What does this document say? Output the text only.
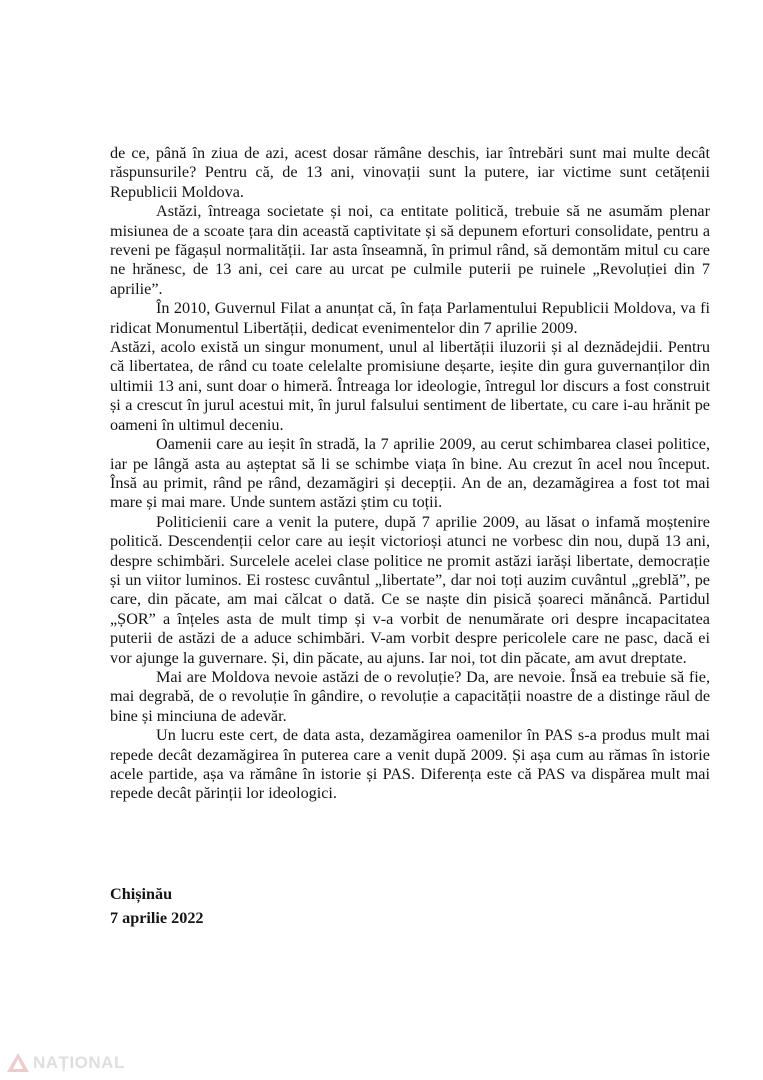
de ce, până în ziua de azi, acest dosar rămâne deschis, iar întrebări sunt mai multe decât răspunsurile? Pentru că, de 13 ani, vinovații sunt la putere, iar victime sunt cetățenii Republicii Moldova.

Astăzi, întreaga societate și noi, ca entitate politică, trebuie să ne asumăm plenar misiunea de a scoate țara din această captivitate și să depunem eforturi consolidate, pentru a reveni pe făgașul normalității. Iar asta înseamnă, în primul rând, să demontăm mitul cu care ne hrănesc, de 13 ani, cei care au urcat pe culmile puterii pe ruinele „Revoluției din 7 aprilie”.

În 2010, Guvernul Filat a anunțat că, în fața Parlamentului Republicii Moldova, va fi ridicat Monumentul Libertății, dedicat evenimentelor din 7 aprilie 2009.

Astăzi, acolo există un singur monument, unul al libertății iluzorii și al deznădejdii. Pentru că libertatea, de rând cu toate celelalte promisiune deșarte, ieșite din gura guvernanților din ultimii 13 ani, sunt doar o himeră. Întreaga lor ideologie, întregul lor discurs a fost construit și a crescut în jurul acestui mit, în jurul falsului sentiment de libertate, cu care i-au hrănit pe oameni în ultimul deceniu.

Oamenii care au ieșit în stradă, la 7 aprilie 2009, au cerut schimbarea clasei politice, iar pe lângă asta au așteptat să li se schimbe viața în bine. Au crezut în acel nou început. Însă au primit, rând pe rând, dezamăgiri și decepții. An de an, dezamăgirea a fost tot mai mare și mai mare. Unde suntem astăzi știm cu toții.

Politicienii care a venit la putere, după 7 aprilie 2009, au lăsat o infamă moștenire politică. Descendenții celor care au ieșit victorioși atunci ne vorbesc din nou, după 13 ani, despre schimbări. Surcelele acelei clase politice ne promit astăzi iarăși libertate, democrație și un viitor luminos. Ei rostesc cuvântul „libertate”, dar noi toți auzim cuvântul „greblă”, pe care, din păcate, am mai călcat o dată. Ce se naște din pisică șoareci mănâncă. Partidul „ȘOR” a înțeles asta de mult timp și v-a vorbit de nenumărate ori despre incapacitatea puterii de astăzi de a aduce schimbări. V-am vorbit despre pericolele care ne pasc, dacă ei vor ajunge la guvernare. Și, din păcate, au ajuns. Iar noi, tot din păcate, am avut dreptate.

Mai are Moldova nevoie astăzi de o revoluție? Da, are nevoie. Însă ea trebuie să fie, mai degrabă, de o revoluție în gândire, o revoluție a capacității noastre de a distinge răul de bine și minciuna de adevăr.

Un lucru este cert, de data asta, dezamăgirea oamenilor în PAS s-a produs mult mai repede decât dezamăgirea în puterea care a venit după 2009. Și așa cum au rămas în istorie acele partide, așa va rămâne în istorie și PAS. Diferența este că PAS va dispărea mult mai repede decât părinții lor ideologici.

Chișinău
7 aprilie 2022
NAȚIONAL
